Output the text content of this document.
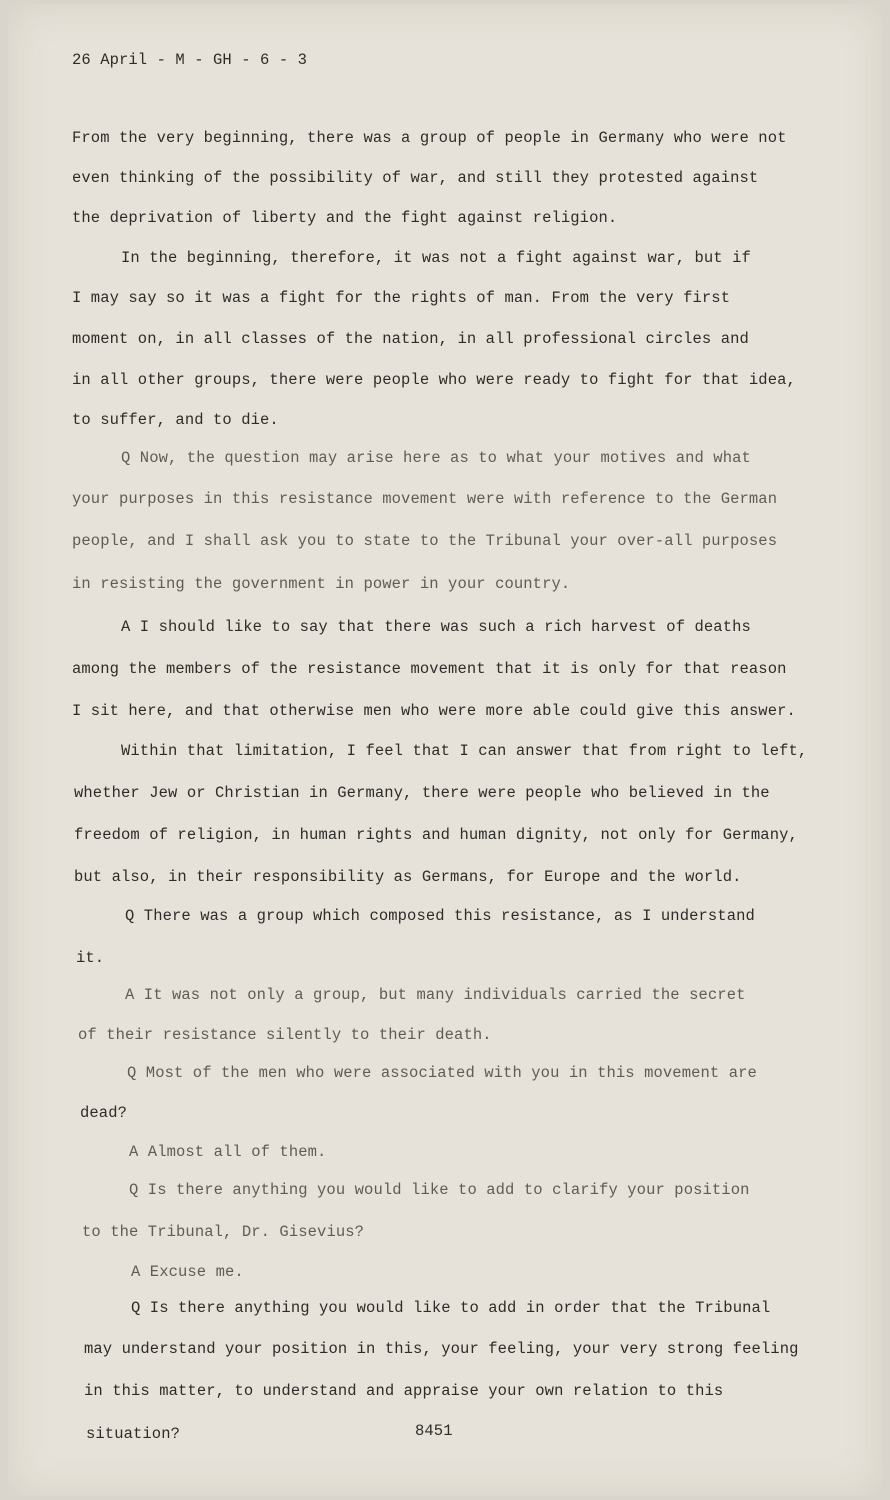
26 April - M - GH - 6 - 3
From the very beginning, there was a group of people in Germany who were not
even thinking of the possibility of war, and still they protested against
the deprivation of liberty and the fight against religion.
In the beginning, therefore, it was not a fight against war, but if
I may say so it was a fight for the rights of man. From the very first
moment on, in all classes of the nation, in all professional circles and
in all other groups, there were people who were ready to fight for that idea,
to suffer, and to die.
Q Now, the question may arise here as to what your motives and what
your purposes in this resistance movement were with reference to the German
people, and I shall ask you to state to the Tribunal your over-all purposes
in resisting the government in power in your country.
A I should like to say that there was such a rich harvest of deaths
among the members of the resistance movement that it is only for that reason
I sit here, and that otherwise men who were more able could give this answer.
Within that limitation, I feel that I can answer that from right to left,
whether Jew or Christian in Germany, there were people who believed in the
freedom of religion, in human rights and human dignity, not only for Germany,
but also, in their responsibility as Germans, for Europe and the world.
Q There was a group which composed this resistance, as I understand
it.
A It was not only a group, but many individuals carried the secret
of their resistance silently to their death.
Q Most of the men who were associated with you in this movement are
dead?
A Almost all of them.
Q Is there anything you would like to add to clarify your position
to the Tribunal, Dr. Gisevius?
A Excuse me.
Q Is there anything you would like to add in order that the Tribunal
may understand your position in this, your feeling, your very strong feeling
in this matter, to understand and appraise your own relation to this
situation?	8451
